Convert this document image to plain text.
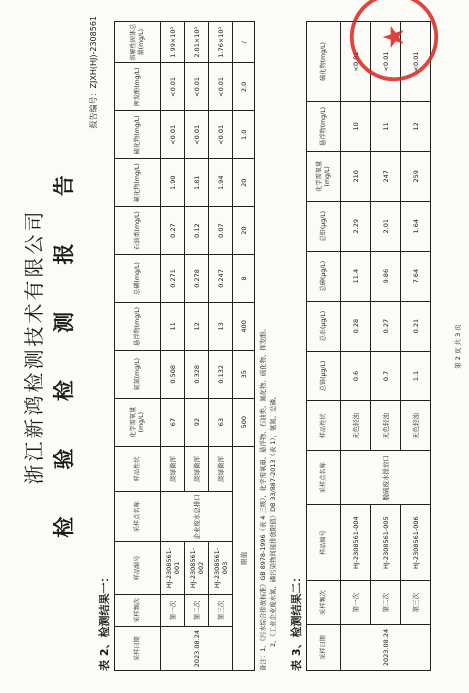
浙江新鸿检测技术有限公司 检 验 检 测 报 告
报告编号：ZJXH(HJ)-2308561
表 2、检测结果一：	采样日期	采样频次	样品编号	采样点名称	样品性状	化学需氧量(mg/L)	氨氮(mg/L)	悬浮物(mg/L)	总磷(mg/L)	石油类(mg/L)	氟化物(mg/L)	硫化物(mg/L)	挥发酚(mg/L)	溶解性固体总量(mg/L)
2023.08.24	第一次	HJ-2308561-001	企业废水总排口	淡绿微浑	67	0.508	11	0.271	0.27	1.90	<0.01	<0.01	1.99×10³
	第二次	HJ-2308561-002		淡绿微浑	92	0.328	12	0.278	0.12	1.81	<0.01	<0.01	2.01×10³
	第三次	HJ-2308561-003		淡绿微浑	63	0.132	13	0.247	0.07	1.94	<0.01	<0.01	1.76×10³
限值					500	35	400	8	20	20	1.0	2.0	/
备注：1、《污水综合排放标准》GB 8978-1996（表 4 三级），化学需氧量、悬浮物、石油类、氟化物、硫化物、挥发酚。 2、《工业企业废水氮、磷污染物间接排放限值》DB 33/887-2013（表 1），氨氮、总磷。 表 3、检测结果二：	采样日期	采样频次	样品编号	采样点名称	样品性状	总铬(μg/L)	总汞(μg/L)	总砷(μg/L)	总铅(μg/L)	化学需氧量(mg/L)	悬浮物(mg/L)	硫化物(mg/L)
2023.08.24	第一次	HJ-2308561-004	脱硫废水排放口	无色轻浊	0.6	0.28	11.4	2.29	210	10	<0.01
	第二次	HJ-2308561-005		无色轻浊	0.7	0.27	9.86	2.01	247	11	<0.01
	第三次	HJ-2308561-006		无色轻浊	1.1	0.21	7.64	1.64	259	12	<0.01
第 2 页 共 3 页
★
